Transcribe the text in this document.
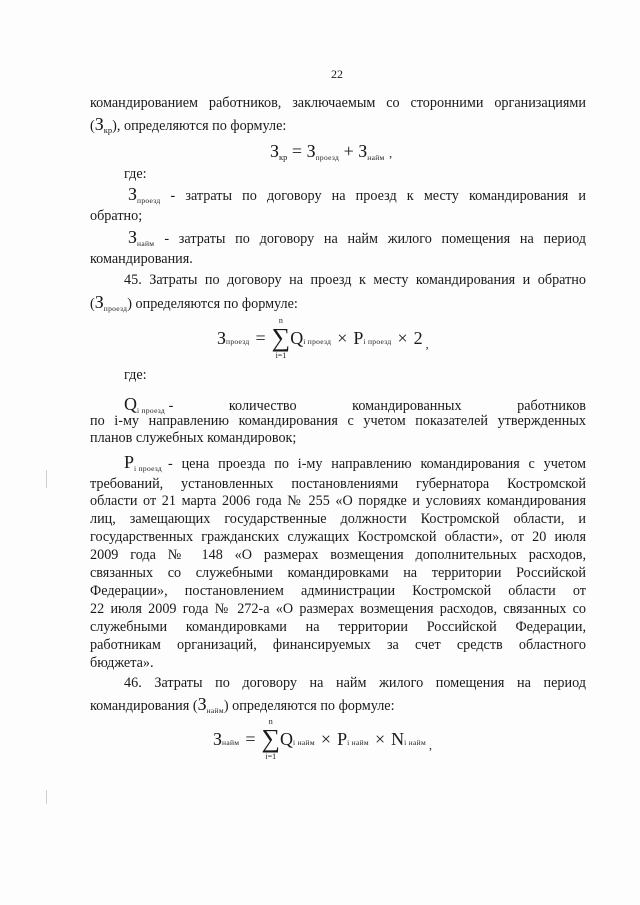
22
командированием работников, заключаемым со сторонними организациями
$(З_{кр})$, определяются по формуле:
Зкр = Зпроезд + Знайм ,
где:
З проезд - затраты по договору на проезд к месту командирования и
обратно;
З найм - затраты по договору на найм жилого помещения на период
командирования.
45. Затраты по договору на проезд к месту командирования и обратно
$(З_{проезд})$ определяются по формуле:
З проезд =
n
∑
i=1
Q i проезд × P i проезд × 2 ,
где:
$Q_{i проезд}$ -	количество	командированных	работников
по i-му направлению командирования с учетом показателей утвержденных
планов служебных командировок;
P i проезд - цена проезда по i-му направлению командирования с учетом
требований, установленных постановлениями губернатора Костромской
области от 21 марта 2006 года № 255 «О порядке и условиях командирования
лиц, замещающих государственные должности Костромской области, и
государственных гражданских служащих Костромской области», от 20 июля
2009 года № 148 «О размерах возмещения дополнительных расходов,
связанных со служебными командировками на территории Российской
Федерации», постановлением администрации Костромской области от
22 июля 2009 года № 272-а «О размерах возмещения расходов, связанных со
служебными командировками на территории Российской Федерации,
работникам организаций, финансируемых за счет средств областного
бюджета».
46. Затраты по договору на найм жилого помещения на период
командирования $(З_{найм})$ определяются по формуле:
З найм =
n
∑
i=1
Q i найм × P i найм × N i найм ,
